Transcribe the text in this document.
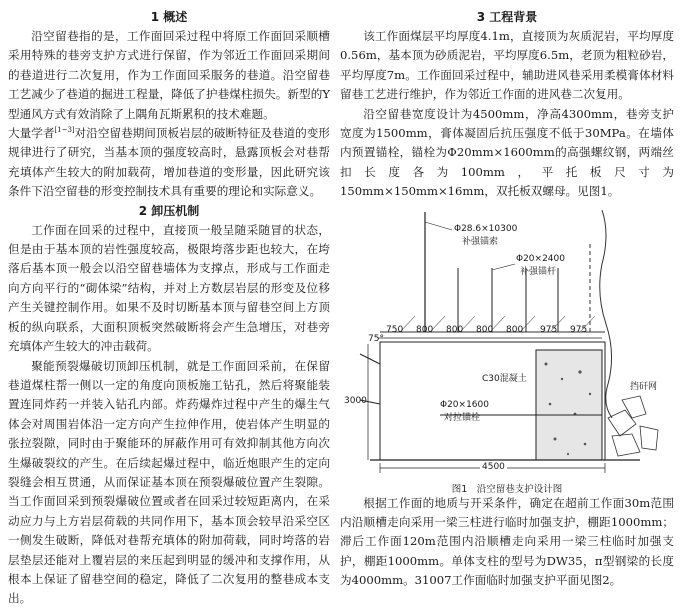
1 概述

沿空留巷指的是，工作面回采过程中将原工作面回采顺槽采用特殊的巷旁支护方式进行保留，作为邻近工作面回采期间的巷道进行二次复用，作为工作面回采服务的巷道。沿空留巷工艺减少了巷道的掘进工程量，降低了护巷煤柱损失。新型的Y型通风方式有效消除了上隅角瓦斯累积的技术难题。

大量学者[1~3]对沿空留巷期间顶板岩层的破断特征及巷道的变形规律进行了研究，当基本顶的强度较高时，悬露顶板会对巷帮充填体产生较大的附加载荷，增加巷道的变形量，因此研究该条件下沿空留巷的形变控制技术具有重要的理论和实际意义。

2 卸压机制

工作面在回采的过程中，直接顶一般呈随采随冒的状态，但是由于基本顶的岩性强度较高，极限垮落步距也较大，在垮落后基本顶一般会以沿空留巷墙体为支撑点，形成与工作面走向方向平行的“砌体梁”结构，并对上方数层岩层的形变及位移产生关键控制作用。如果不及时切断基本顶与留巷空间上方顶板的纵向联系，大面积顶板突然破断将会产生急增压，对巷旁充填体产生较大的冲击载荷。

聚能预裂爆破切顶卸压机制，就是工作面回采前，在保留巷道煤柱帮一侧以一定的角度向顶板施工钻孔，然后将聚能装置连同炸药一并装入钻孔内部。炸药爆炸过程中产生的爆生气体会对周围岩体沿一定方向产生拉伸作用，使岩体产生明显的张拉裂隙，同时由于聚能环的屏蔽作用可有效抑制其他方向次生爆破裂纹的产生。在后续起爆过程中，临近炮眼产生的定向裂缝会相互贯通，从而保证基本顶在预裂爆破位置产生裂隙。当工作面回采到预裂爆破位置或者在回采过较短距离内，在采动应力与上方岩层荷载的共同作用下，基本顶会较早沿采空区一侧发生破断，降低对巷帮充填体的附加荷载，同时垮落的岩层垫层还能对上覆岩层的来压起到明显的缓冲和支撑作用，从根本上保证了留巷空间的稳定，降低了二次复用的整巷成本支出。

3 工程背景

该工作面煤层平均厚度4.1m，直接顶为灰质泥岩，平均厚度0.56m，基本顶为砂质泥岩，平均厚度6.5m，老顶为粗粒砂岩，平均厚度7m。工作面回采过程中，辅助进风巷采用柔模膏体材料留巷工艺进行维护，作为邻近工作面的进风巷二次复用。

沿空留巷宽度设计为4500mm，净高4300mm，巷旁支护宽度为1500mm，膏体凝固后抗压强度不低于30MPa。在墙体内预置锚栓，锚栓为Φ20mm×1600mm的高强螺纹钢，两端丝扣长度各为100mm，平托板尺寸为150mm×150mm×16mm，双托板双螺母。见图1。

Φ28.6×10300
补强锚索
Φ20×2400
补强锚杆
750 800 800 800 800 975 975
75°
C30混凝土
Φ20×1600
对拉锚栓
3000
4500
挡矸网
图1　沿空留巷支护设计图

根据工作面的地质与开采条件，确定在超前工作面30m范围内沿顺槽走向采用一梁三柱进行临时加强支护，棚距1000mm；滞后工作面120m范围内沿顺槽走向采用一梁三柱临时加强支护，棚距1000mm。单体支柱的型号为DW35，π型钢梁的长度为4000mm。31007工作面临时加强支护平面见图2。
